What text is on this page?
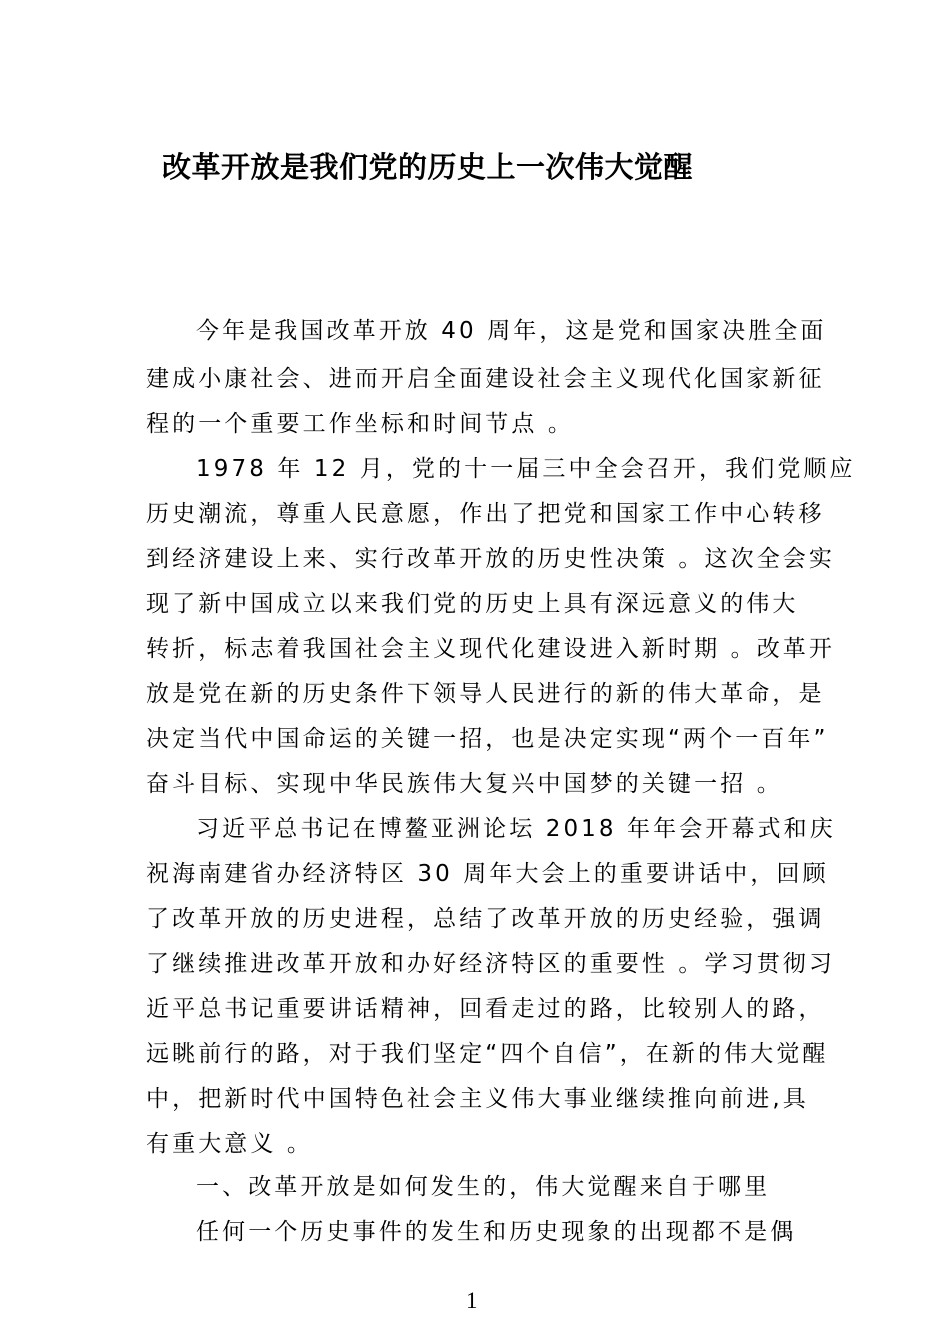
改革开放是我们党的历史上一次伟大觉醒

今年是我国改革开放 40 周年，这是党和国家决胜全面

建成小康社会、进而开启全面建设社会主义现代化国家新征

程的一个重要工作坐标和时间节点 。

1978 年 12 月，党的十一届三中全会召开，我们党顺应

历史潮流，尊重人民意愿，作出了把党和国家工作中心转移

到经济建设上来、实行改革开放的历史性决策 。这次全会实

现了新中国成立以来我们党的历史上具有深远意义的伟大

转折，标志着我国社会主义现代化建设进入新时期 。改革开

放是党在新的历史条件下领导人民进行的新的伟大革命，是

决定当代中国命运的关键一招，也是决定实现“两个一百年”

奋斗目标、实现中华民族伟大复兴中国梦的关键一招 。

习近平总书记在博鳌亚洲论坛 2018 年年会开幕式和庆

祝海南建省办经济特区 30 周年大会上的重要讲话中，回顾

了改革开放的历史进程，总结了改革开放的历史经验，强调

了继续推进改革开放和办好经济特区的重要性 。学习贯彻习

近平总书记重要讲话精神，回看走过的路，比较别人的路，

远眺前行的路，对于我们坚定“四个自信”，在新的伟大觉醒

中，把新时代中国特色社会主义伟大事业继续推向前进,具

有重大意义 。

一、改革开放是如何发生的，伟大觉醒来自于哪里

任何一个历史事件的发生和历史现象的出现都不是偶

1
